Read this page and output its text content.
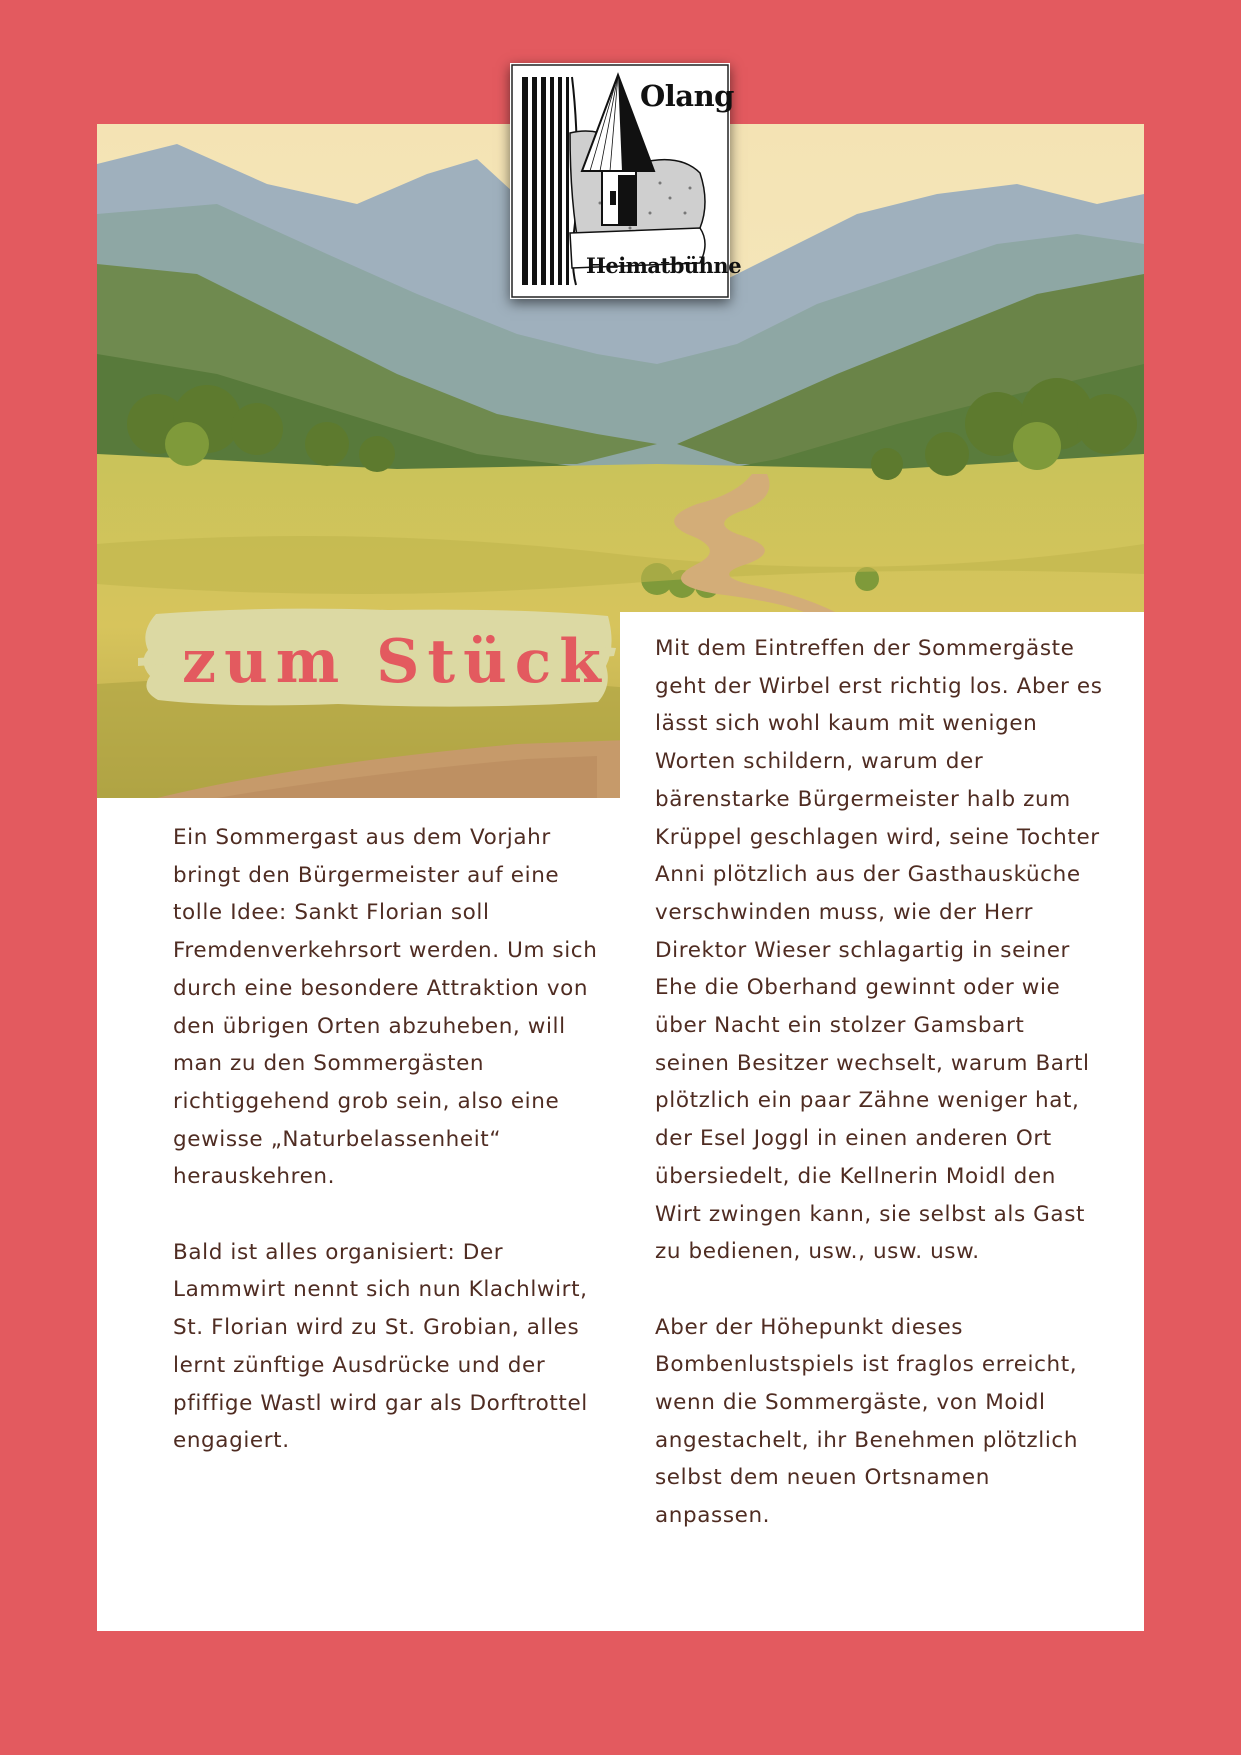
Olang
Heimatbühne
zum Stück

Ein Sommergast aus dem Vorjahr bringt den Bürgermeister auf eine tolle Idee: Sankt Florian soll Fremdenverkehrsort werden. Um sich durch eine besondere Attraktion von den übrigen Orten abzuheben, will man zu den Sommergästen richtiggehend grob sein, also eine gewisse „Naturbelassenheit“ herauskehren.

Bald ist alles organisiert: Der Lammwirt nennt sich nun Klachlwirt, St. Florian wird zu St. Grobian, alles lernt zünftige Ausdrücke und der pfiffige Wastl wird gar als Dorftrottel engagiert.

Mit dem Eintreffen der Sommergäste geht der Wirbel erst richtig los. Aber es lässt sich wohl kaum mit wenigen Worten schildern, warum der bärenstarke Bürgermeister halb zum Krüppel geschlagen wird, seine Tochter Anni plötzlich aus der Gasthausküche verschwinden muss, wie der Herr Direktor Wieser schlagartig in seiner Ehe die Oberhand gewinnt oder wie über Nacht ein stolzer Gamsbart seinen Besitzer wechselt, warum Bartl plötzlich ein paar Zähne weniger hat, der Esel Joggl in einen anderen Ort übersiedelt, die Kellnerin Moidl den Wirt zwingen kann, sie selbst als Gast zu bedienen, usw., usw. usw.

Aber der Höhepunkt dieses Bombenlustspiels ist fraglos erreicht, wenn die Sommergäste, von Moidl angestachelt, ihr Benehmen plötzlich selbst dem neuen Ortsnamen anpassen.
